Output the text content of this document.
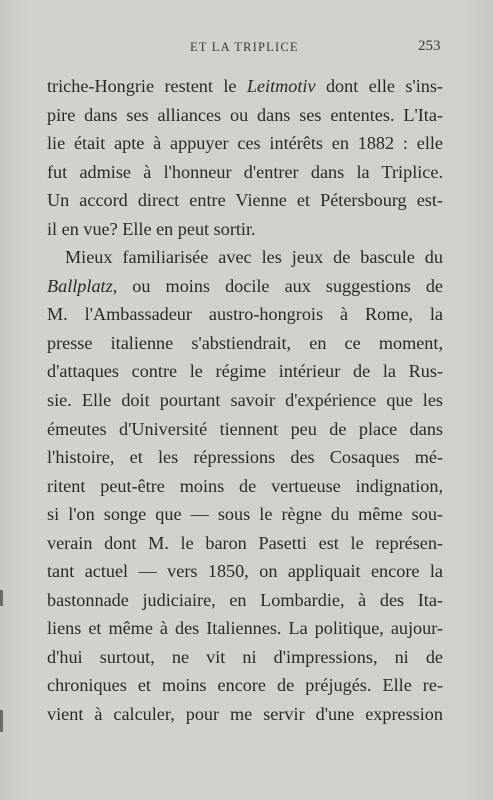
ET LA TRIPLICE	253
triche-Hongrie restent le Leitmotiv dont elle s'ins-
pire dans ses alliances ou dans ses ententes. L'Ita-
lie était apte à appuyer ces intérêts en 1882 : elle
fut admise à l'honneur d'entrer dans la Triplice.
Un accord direct entre Vienne et Pétersbourg est-
il en vue? Elle en peut sortir.
Mieux familiarisée avec les jeux de bascule du
Ballplatz, ou moins docile aux suggestions de
M. l'Ambassadeur austro-hongrois à Rome, la
presse italienne s'abstiendrait, en ce moment,
d'attaques contre le régime intérieur de la Rus-
sie. Elle doit pourtant savoir d'expérience que les
émeutes d'Université tiennent peu de place dans
l'histoire, et les répressions des Cosaques mé-
ritent peut-être moins de vertueuse indignation,
si l'on songe que — sous le règne du même sou-
verain dont M. le baron Pasetti est le représen-
tant actuel — vers 1850, on appliquait encore la
bastonnade judiciaire, en Lombardie, à des Ita-
liens et même à des Italiennes. La politique, aujour-
d'hui surtout, ne vit ni d'impressions, ni de
chroniques et moins encore de préjugés. Elle re-
vient à calculer, pour me servir d'une expression
